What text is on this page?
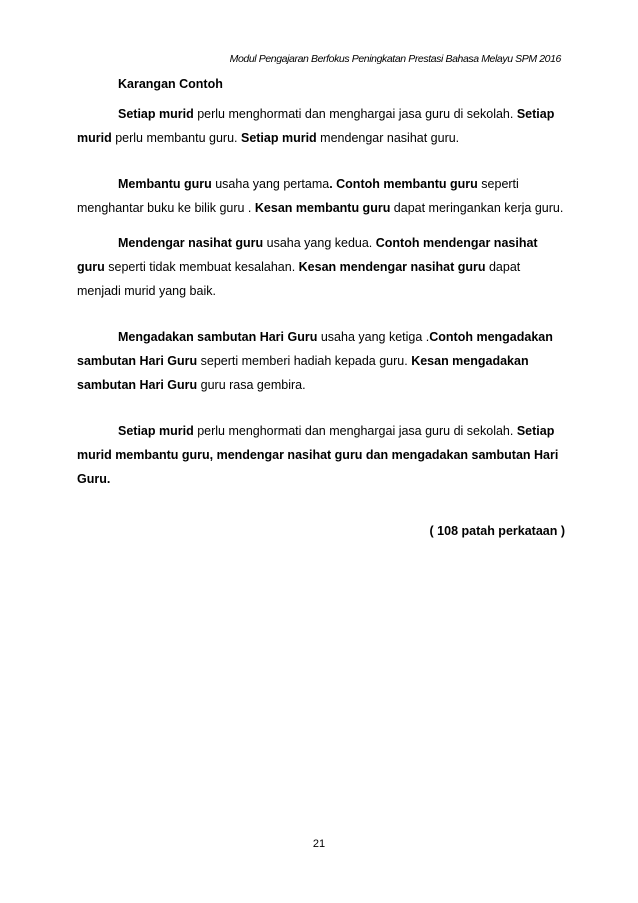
Modul Pengajaran Berfokus Peningkatan Prestasi Bahasa Melayu SPM 2016
Karangan Contoh

Setiap murid perlu menghormati dan menghargai jasa guru di sekolah. Setiap murid perlu membantu guru. Setiap murid mendengar nasihat guru.

Membantu guru usaha yang pertama. Contoh membantu guru seperti menghantar buku ke bilik guru . Kesan membantu guru dapat meringankan kerja guru.

Mendengar nasihat guru usaha yang kedua. Contoh mendengar nasihat guru seperti tidak membuat kesalahan. Kesan mendengar nasihat guru dapat menjadi murid yang baik.

Mengadakan sambutan Hari Guru usaha yang ketiga .Contoh mengadakan sambutan Hari Guru seperti memberi hadiah kepada guru. Kesan mengadakan sambutan Hari Guru guru rasa gembira.

Setiap murid perlu menghormati dan menghargai jasa guru di sekolah. Setiap murid membantu guru, mendengar nasihat guru dan mengadakan sambutan Hari Guru.

( 108 patah perkataan )

21
